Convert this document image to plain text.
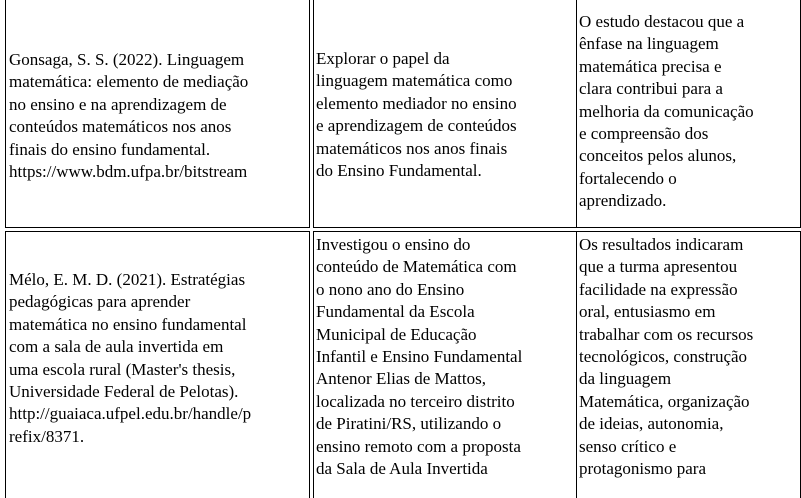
Gonsaga, S. S. (2022). Linguagem
matemática: elemento de mediação
no ensino e na aprendizagem de
conteúdos matemáticos nos anos
finais do ensino fundamental.
https://www.bdm.ufpa.br/bitstream
Explorar o papel da
linguagem matemática como
elemento mediador no ensino
e aprendizagem de conteúdos
matemáticos nos anos finais
do Ensino Fundamental.
O estudo destacou que a
ênfase na linguagem
matemática precisa e
clara contribui para a
melhoria da comunicação
e compreensão dos
conceitos pelos alunos,
fortalecendo o
aprendizado.
Mélo, E. M. D. (2021). Estratégias
pedagógicas para aprender
matemática no ensino fundamental
com a sala de aula invertida em
uma escola rural (Master's thesis,
Universidade Federal de Pelotas).
http://guaiaca.ufpel.edu.br/handle/p
refix/8371.
Investigou o ensino do
conteúdo de Matemática com
o nono ano do Ensino
Fundamental da Escola
Municipal de Educação
Infantil e Ensino Fundamental
Antenor Elias de Mattos,
localizada no terceiro distrito
de Piratini/RS, utilizando o
ensino remoto com a proposta
da Sala de Aula Invertida
Os resultados indicaram
que a turma apresentou
facilidade na expressão
oral, entusiasmo em
trabalhar com os recursos
tecnológicos, construção
da linguagem
Matemática, organização
de ideias, autonomia,
senso crítico e
protagonismo para
